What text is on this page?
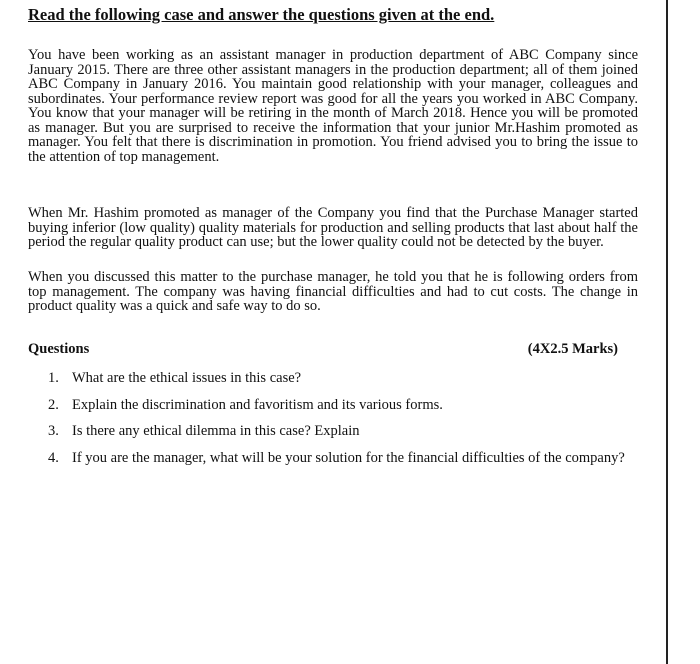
Read the following case and answer the questions given at the end.

You have been working as an assistant manager in production department of ABC Company since January 2015. There are three other assistant managers in the production department; all of them joined ABC Company in January 2016. You maintain good relationship with your manager, colleagues and subordinates. Your performance review report was good for all the years you worked in ABC Company. You know that your manager will be retiring in the month of March 2018. Hence you will be promoted as manager. But you are surprised to receive the information that your junior Mr.Hashim promoted as manager. You felt that there is discrimination in promotion. You friend advised you to bring the issue to the attention of top management.

When Mr. Hashim promoted as manager of the Company you find that the Purchase Manager started buying inferior (low quality) quality materials for production and selling products that last about half the period the regular quality product can use; but the lower quality could not be detected by the buyer.

When you discussed this matter to the purchase manager, he told you that he is following orders from top management. The company was having financial difficulties and had to cut costs. The change in product quality was a quick and safe way to do so.

Questions	(4X2.5 Marks)
1. What are the ethical issues in this case?
2. Explain the discrimination and favoritism and its various forms.
3. Is there any ethical dilemma in this case? Explain
4. If you are the manager, what will be your solution for the financial difficulties of the company?
